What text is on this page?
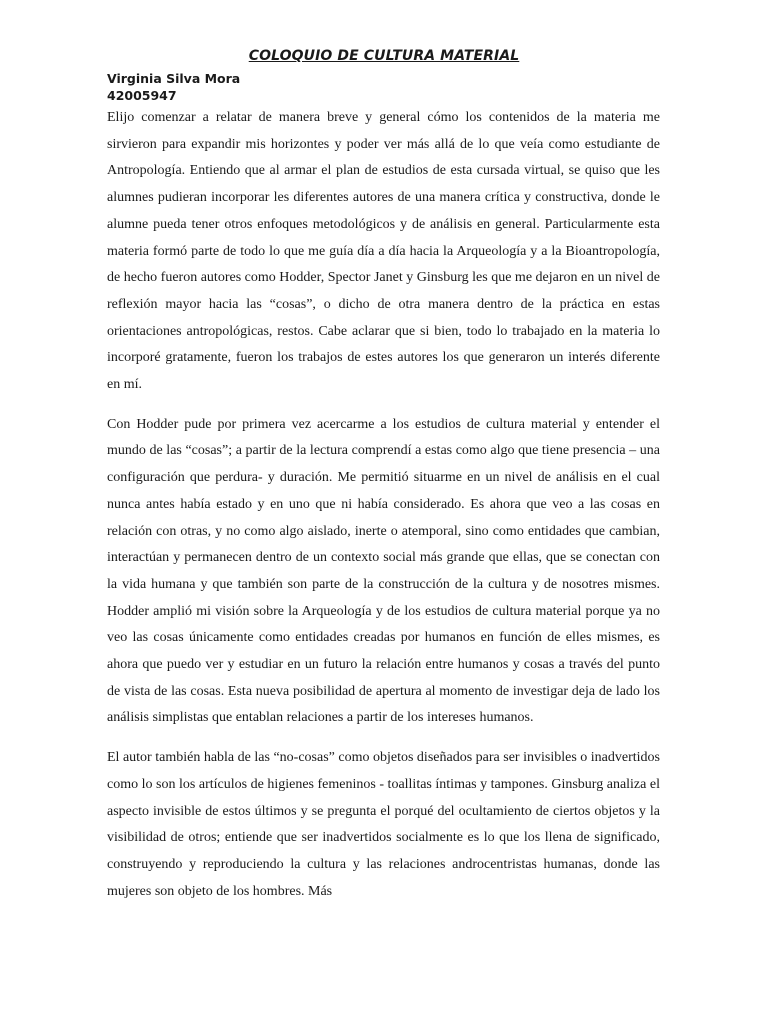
COLOQUIO DE CULTURA MATERIAL
Virginia Silva Mora
42005947

Elijo comenzar a relatar de manera breve y general cómo los contenidos de la materia me sirvieron para expandir mis horizontes y poder ver más allá de lo que veía como estudiante de Antropología. Entiendo que al armar el plan de estudios de esta cursada virtual, se quiso que les alumnes pudieran incorporar les diferentes autores de una manera crítica y constructiva, donde le alumne pueda tener otros enfoques metodológicos y de análisis en general. Particularmente esta materia formó parte de todo lo que me guía día a día hacia la Arqueología y a la Bioantropología, de hecho fueron autores como Hodder, Spector Janet y Ginsburg les que me dejaron en un nivel de reflexión mayor hacia las “cosas”, o dicho de otra manera dentro de la práctica en estas orientaciones antropológicas, restos. Cabe aclarar que si bien, todo lo trabajado en la materia lo incorporé gratamente, fueron los trabajos de estes autores los que generaron un interés diferente en mí.

Con Hodder pude por primera vez acercarme a los estudios de cultura material y entender el mundo de las “cosas”; a partir de la lectura comprendí a estas como algo que tiene presencia – una configuración que perdura- y duración. Me permitió situarme en un nivel de análisis en el cual nunca antes había estado y en uno que ni había considerado. Es ahora que veo a las cosas en relación con otras, y no como algo aislado, inerte o atemporal, sino como entidades que cambian, interactúan y permanecen dentro de un contexto social más grande que ellas, que se conectan con la vida humana y que también son parte de la construcción de la cultura y de nosotres mismes. Hodder amplió mi visión sobre la Arqueología y de los estudios de cultura material porque ya no veo las cosas únicamente como entidades creadas por humanos en función de elles mismes, es ahora que puedo ver y estudiar en un futuro la relación entre humanos y cosas a través del punto de vista de las cosas. Esta nueva posibilidad de apertura al momento de investigar deja de lado los análisis simplistas que entablan relaciones a partir de los intereses humanos.

El autor también habla de las “no-cosas” como objetos diseñados para ser invisibles o inadvertidos como lo son los artículos de higienes femeninos - toallitas íntimas y tampones. Ginsburg analiza el aspecto invisible de estos últimos y se pregunta el porqué del ocultamiento de ciertos objetos y la visibilidad de otros; entiende que ser inadvertidos socialmente es lo que los llena de significado, construyendo y reproduciendo la cultura y las relaciones androcentristas humanas, donde las mujeres son objeto de los hombres. Más
